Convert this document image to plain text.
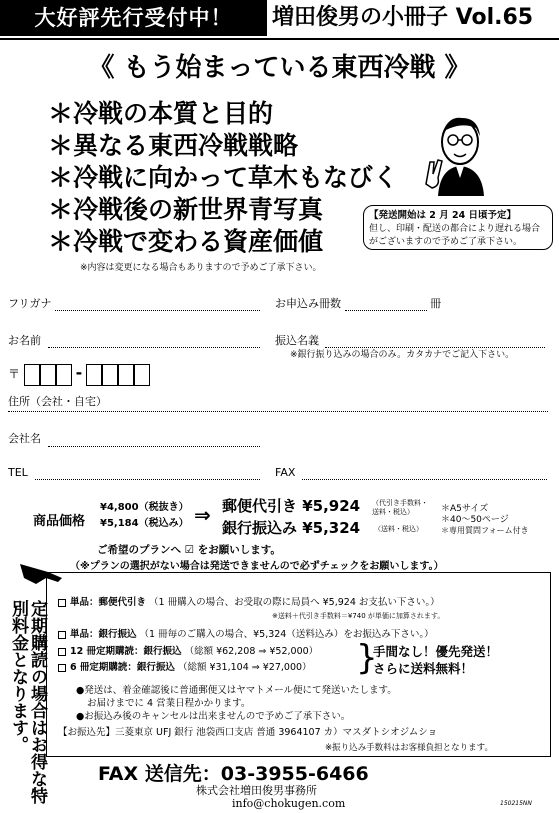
大好評先行受付中！	増田俊男の小冊子 Vol.65
《 もう始まっている東西冷戦 》
＊冷戦の本質と目的
＊異なる東西冷戦戦略
＊冷戦に向かって草木もなびく
＊冷戦後の新世界青写真
＊冷戦で変わる資産価値
※内容は変更になる場合もありますので予めご了承下さい。
【発送開始は 2 月 24 日頃予定】
但し、印刷・配送の都合により遅れる場合がございますので予めご了承下さい。
フリガナ	お申込み冊数	冊
お名前	振込名義
※銀行振り込みの場合のみ。カタカナでご記入下さい。
〒	-
住所（会社・自宅）
会社名
TEL	FAX
商品価格
¥4,800（税抜き）
¥5,184（税込み） ⇒ 郵便代引き ¥5,924 （代引き手数料・送料・税込）
銀行振込み ¥5,324 （送料・税込）
＊A5サイズ
＊40〜50ページ
＊専用質問フォーム付き
ご希望のプランへ ☑ をお願いします。
（※プランの選択がない場合は発送できませんので必ずチェックをお願いします。）
定期購読の場合はお得な特別料金となります。	単品：郵便代引き （1 冊購入の場合、お受取の際に局員へ ¥5,924 お支払い下さい。）
※送料＋代引き手数料＝¥740 が単価に加算されます。
単品：銀行振込 （1 冊毎のご購入の場合、¥5,324（送料込み）をお振込み下さい。）
12 冊定期購読：銀行振込 （総額 ¥62,208 ⇒ ¥52,000）
6 冊定期購読：銀行振込 （総額 ¥31,104 ⇒ ¥27,000） }
手間なし！優先発送！
さらに送料無料！
●発送は、着金確認後に普通郵便又はヤマトメール便にて発送いたします。
お届けまでに 4 営業日程かかります。
●お振込み後のキャンセルは出来ませんので予めご了承下さい。
【お振込先】三菱東京 UFJ 銀行 池袋西口支店 普通 3964107 カ）マスダトシオジムショ
※振り込み手数料はお客様負担となります。
FAX 送信先：03-3955-6466
株式会社増田俊男事務所
info@chokugen.com	150215NN
